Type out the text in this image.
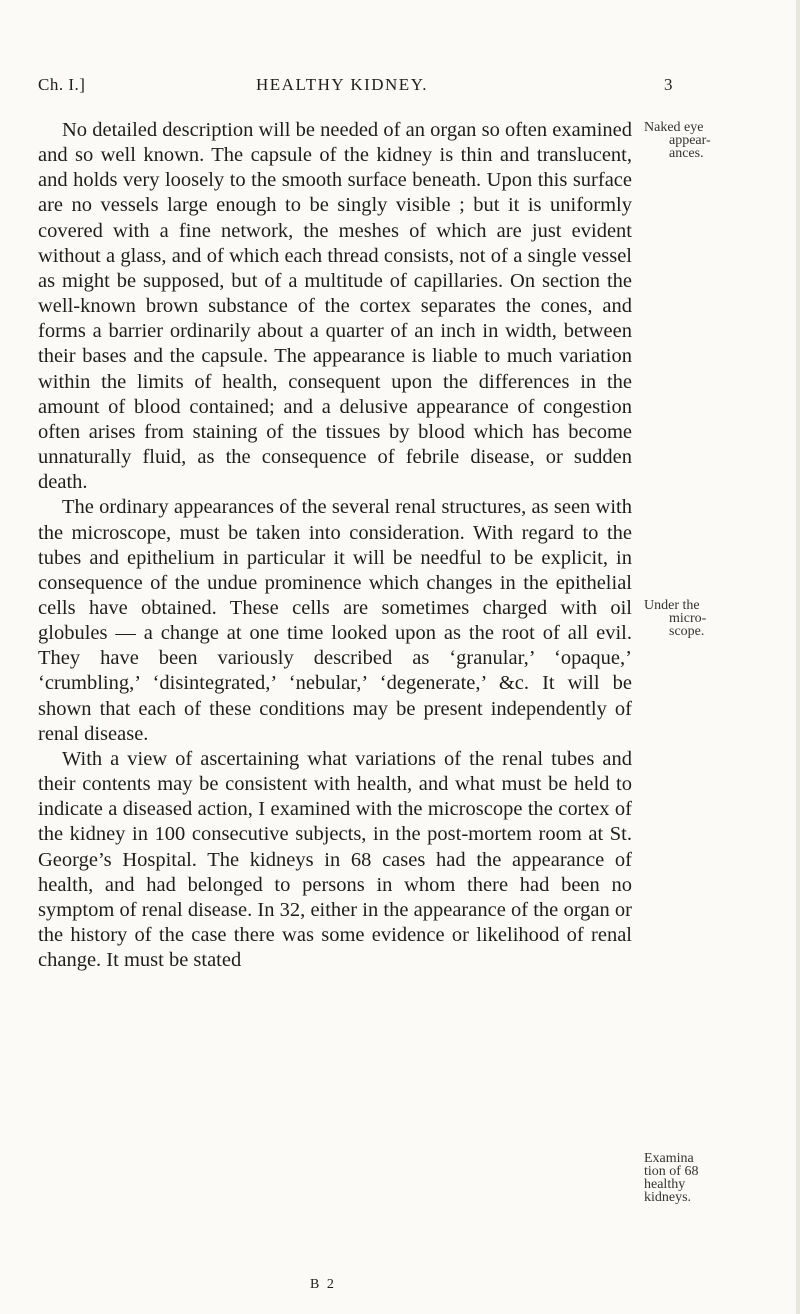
Ch. I.]	HEALTHY KIDNEY.	3

No detailed description will be needed of an organ so often examined and so well known. The capsule of the kidney is thin and translucent, and holds very loosely to the smooth surface beneath. Upon this surface are no vessels large enough to be singly visible ; but it is uniformly covered with a fine network, the meshes of which are just evident without a glass, and of which each thread consists, not of a single vessel as might be supposed, but of a multitude of capillaries. On section the well-known brown substance of the cortex separates the cones, and forms a barrier ordinarily about a quarter of an inch in width, between their bases and the capsule. The appearance is liable to much variation within the limits of health, consequent upon the differences in the amount of blood contained; and a delusive appearance of congestion often arises from staining of the tissues by blood which has become unnaturally fluid, as the consequence of febrile disease, or sudden death.

The ordinary appearances of the several renal structures, as seen with the microscope, must be taken into consideration. With regard to the tubes and epithelium in particular it will be needful to be explicit, in consequence of the undue prominence which changes in the epithelial cells have obtained. These cells are sometimes charged with oil globules — a change at one time looked upon as the root of all evil. They have been variously described as ‘granular,’ ‘opaque,’ ‘crumbling,’ ‘disintegrated,’ ‘nebular,’ ‘degenerate,’ &c. It will be shown that each of these conditions may be present independently of renal disease.

With a view of ascertaining what variations of the renal tubes and their contents may be consistent with health, and what must be held to indicate a diseased action, I examined with the microscope the cortex of the kidney in 100 consecutive subjects, in the post-mortem room at St. George’s Hospital. The kidneys in 68 cases had the appearance of health, and had belonged to persons in whom there had been no symptom of renal disease. In 32, either in the appearance of the organ or the history of the case there was some evidence or likelihood of renal change. It must be stated

Naked eye
appear-
ances.
Under the
micro-
scope.
Examina
tion of 68
healthy
kidneys.
B 2
